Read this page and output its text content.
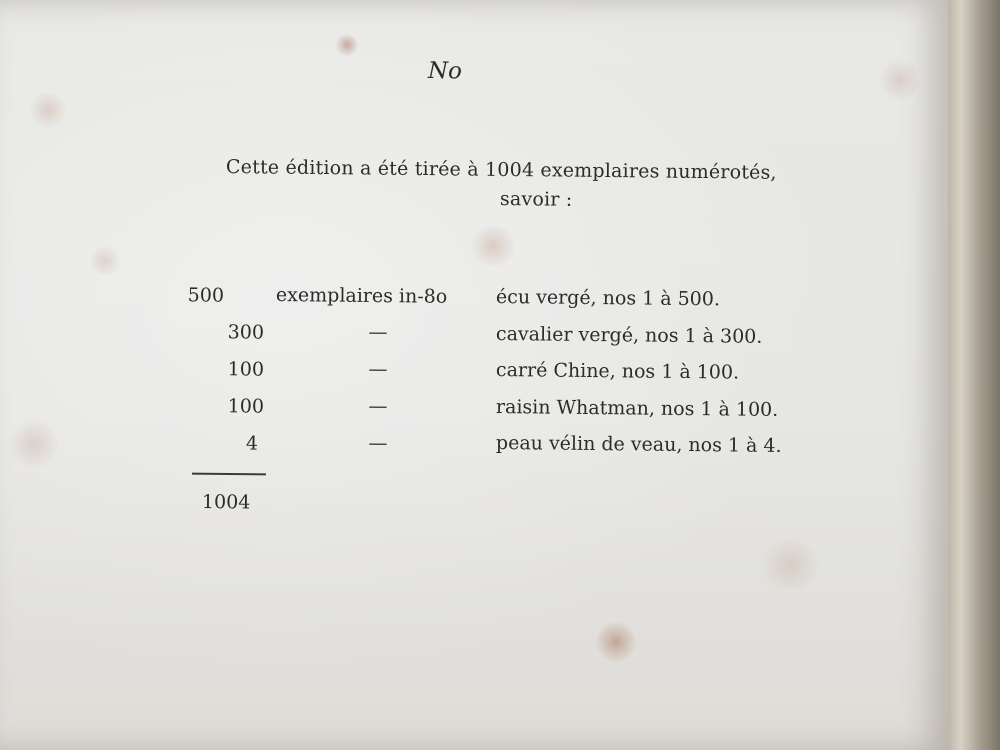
No
Cette édition a été tirée à 1004 exemplaires numérotés,
savoir :
500	exemplaires in-8o	écu vergé, nos 1 à 500.
300	—	cavalier vergé, nos 1 à 300.
100	—	carré Chine, nos 1 à 100.
100	—	raisin Whatman, nos 1 à 100.
4	—	peau vélin de veau, nos 1 à 4.
1004
